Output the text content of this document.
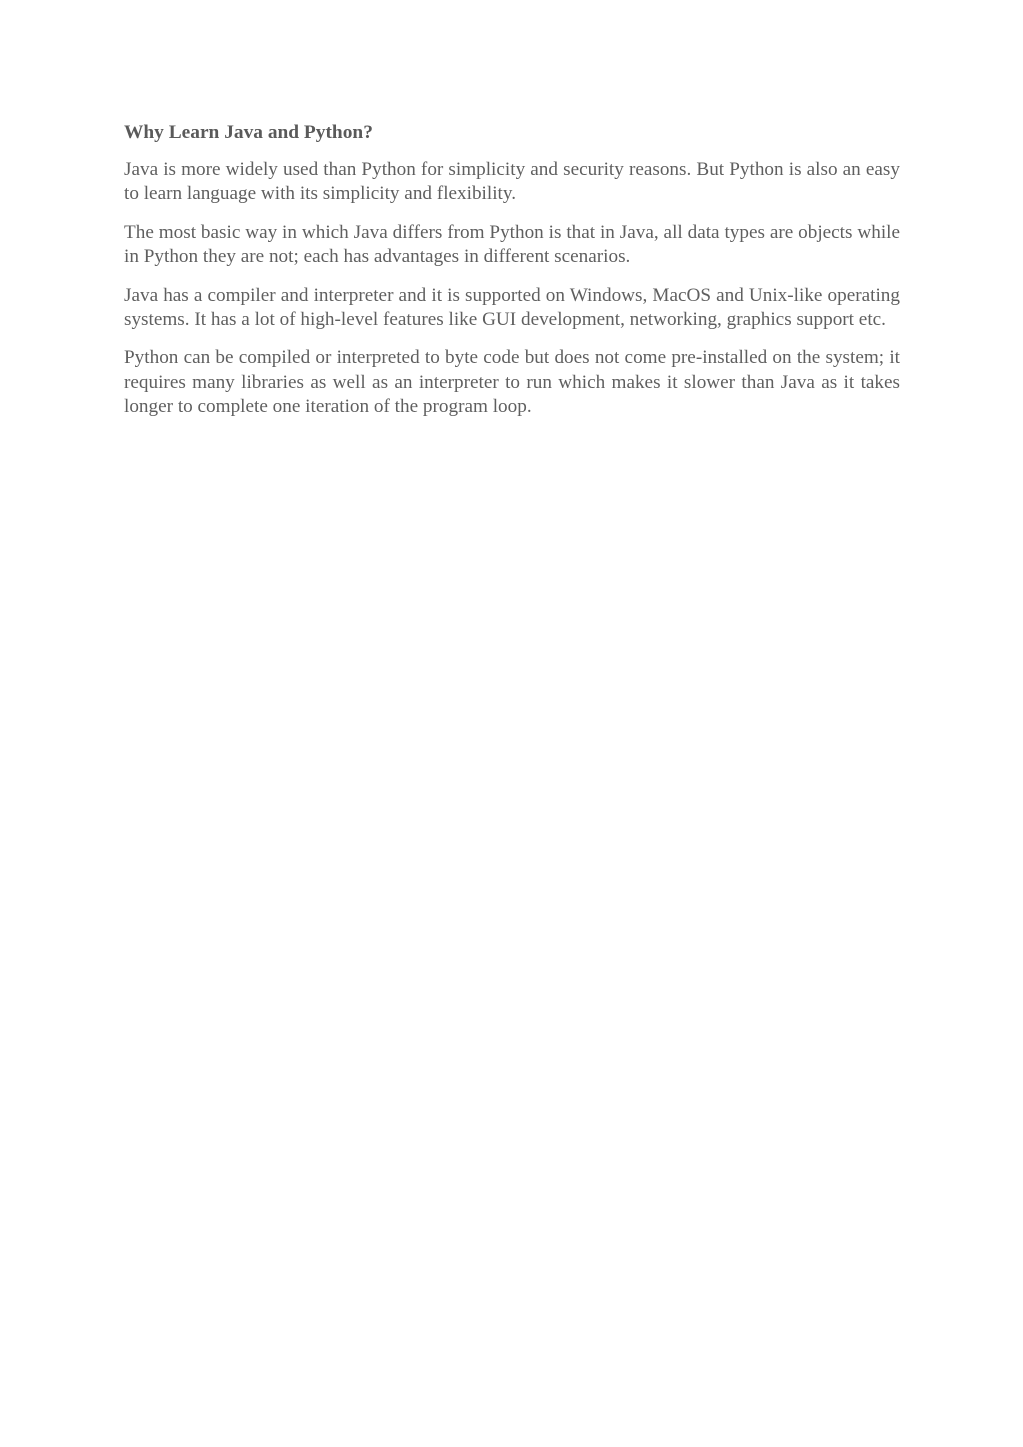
Why Learn Java and Python?

Java is more widely used than Python for simplicity and security reasons. But Python is also an easy to learn language with its simplicity and flexibility.

The most basic way in which Java differs from Python is that in Java, all data types are objects while in Python they are not; each has advantages in different scenarios.

Java has a compiler and interpreter and it is supported on Windows, MacOS and Unix-like operating systems. It has a lot of high-level features like GUI development, networking, graphics support etc.

Python can be compiled or interpreted to byte code but does not come pre-installed on the system; it requires many libraries as well as an interpreter to run which makes it slower than Java as it takes longer to complete one iteration of the program loop.
